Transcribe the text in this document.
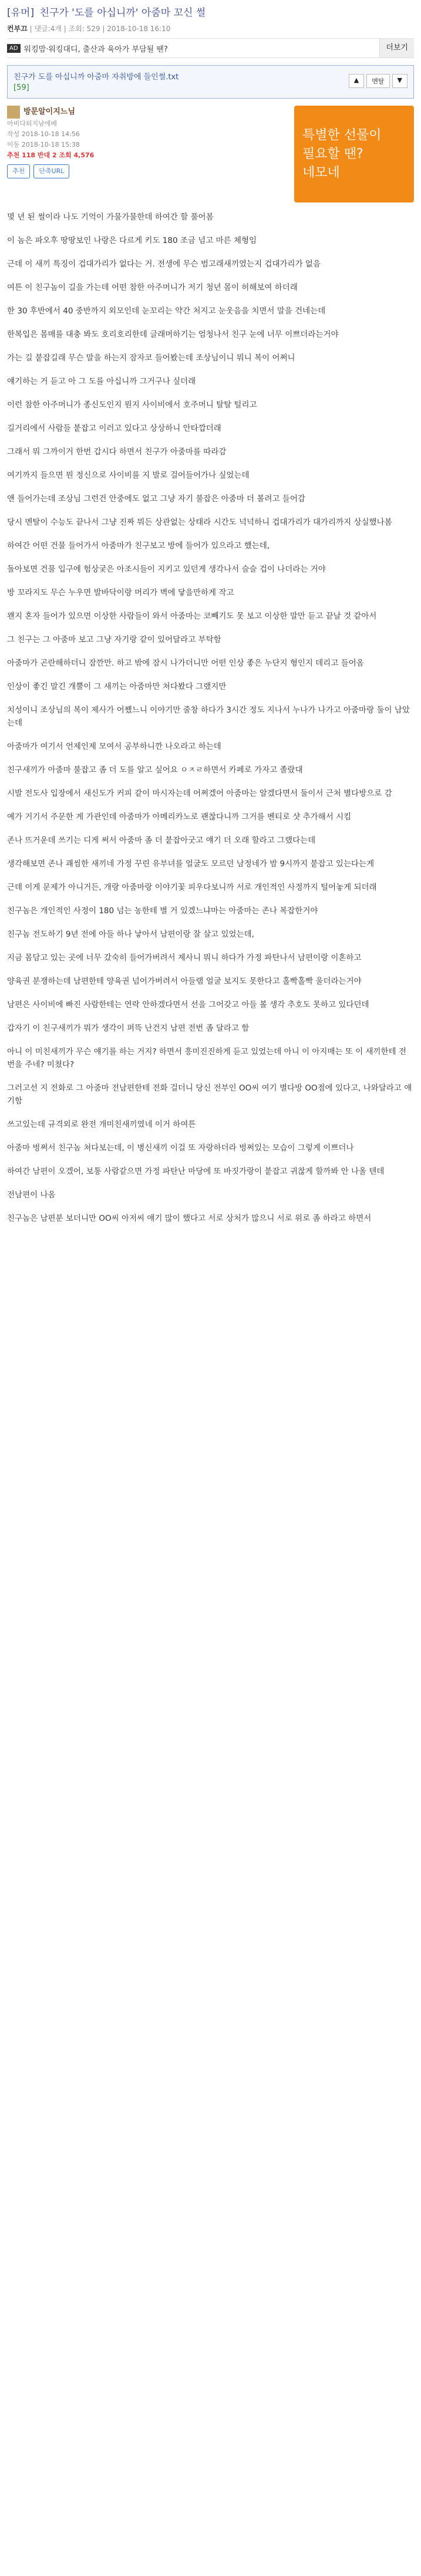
[유머] 친구가 '도를 아십니까' 아줌마 꼬신 썰
컨부끄 | 댓글:4개 | 조회: 529 | 2018-10-18 16:10
AD 워킹맘·워킹대디, 출산과 육아가 부담될 땐?	더보기
친구가 도를 아십니까 아줌마 자취방에 들인썰.txt
[59]
▲	멘탈	▼
방문알이지느님
아비다퇴지남에베
작성 2018-10-18 14:56
이동 2018-10-18 15:38
추천 118 반대 2 조회 4,576
추천	단축URL
특별한 선물이
필요할 땐?
네모네

몇 년 된 썰이라 나도 기억이 가물가물한데 하여간 할 풀어봄

이 놈은 파오후 땅땅보인 나랑은 다르게 키도 180 조금 넘고 마른 체형임

근데 이 새끼 특징이 겁대가리가 없다는 거. 전생에 무슨 범고래새끼였는지 겁대가리가 없음

여튼 이 친구놈이 길을 가는데 어떤 참한 아주머니가 저기 청년 몸이 허해보여 하더래

한 30 후반에서 40 중반까지 외모인데 눈꼬리는 약간 처지고 눈웃음을 치면서 말을 건네는데

한복입은 몸매를 대충 봐도 호리호리한데 글래머하기는 엄청나서 친구 눈에 너무 이쁘더라는거야

가는 길 붙잡길래 무슨 말을 하는지 잠자코 들어봤는데 조상님이니 뭐니 복이 어쩌니

얘기하는 거 듣고 아 그 도를 아십니까 그거구나 싶더래

이런 참한 아주머니가 종신도인지 뭔지 사이비에서 호주머니 탈탈 털리고

길거리에서 사람들 붙잡고 이러고 있다고 상상하니 안타깝더래

그래서 뭐 그까이거 한번 갑시다 하면서 친구가 아줌마를 따라감

여기까지 들으면 뭔 정신으로 사이비를 지 발로 걸어들어가나 싶었는데

앤 들어가는데 조상님 그런건 안중에도 없고 그냥 자기 불잡은 아줌마 더 볼려고 들어감

당시 멘탈이 수능도 끝나서 그냥 진짜 뭐든 상관없는 상태라 시간도 넉넉하니 겁대가리가 대가리까지 상실했나봄

하여간 어떤 건물 들어가서 아줌마가 친구보고 방에 들어가 있으라고 했는데,

돌아보면 건물 입구에 험상궂은 아조시들이 지키고 있던게 생각나서 슬슬 겁이 나더라는 거야

방 꼬라지도 무슨 누우면 발바닥이랑 머리가 벽에 닿을만하게 작고

왠지 혼자 들어가 있으면 이상한 사람들이 와서 아줌마는 코빼기도 못 보고 이상한 말만 듣고 끝날 것 같아서

그 친구는 그 아줌마 보고 그냥 자기랑 같이 있어달라고 부탁함

아줌마가 곤란해하더니 잠깐만. 하고 밖에 잠시 나가더니만 어떤 인상 좋은 누단지 형인지 데리고 들어옴

인상이 좋긴 말긴 개뿔이 그 새끼는 아줌마만 쳐다봤다 그랬지만

치성이니 조상님의 복이 제사가 어쨌느니 이야기만 줄창 하다가 3시간 정도 지나서 누나가 나가고 아줌마랑 둘이 남았는데

아줌마가 여기서 언제인제 모여서 공부하니깐 나오라고 하는데

친구새끼가 아줌마 불잡고 좀 더 도를 알고 싶어요 ㅇㅈㄹ하면서 카페로 가자고 졸랐대

시발 전도사 입장에서 새신도가 커피 같이 마시자는데 어쩌겠어 아줌마는 알겠다면서 둘이서 근처 별다방으로 감

예가 거기서 주문한 게 가관인데 아줌마가 아메리카노로 괜찮다니까 그거를 벤티로 샷 추가해서 시킴

존나 뜨거운데 쓰기는 디게 써서 아줌마 좀 더 붙잡아굿고 얘기 더 오래 할라고 그랬다는데

생각해보면 존나 괘씸한 새끼네 가정 꾸린 유부녀를 얼굴도 모르던 남정네가 밤 9시까지 붙잡고 있는다는게

근데 이게 문제가 아니거든, 개랑 아줌마랑 이야기꽃 피우다보니까 서로 개인적인 사정까지 털어놓게 되더래

친구놈은 개인적인 사정이 180 넘는 농한테 별 거 있겠느냐마는 아줌마는 존나 복잡한거야

친구놈 전도하기 9년 전에 아들 하나 낳아서 남편이랑 잘 살고 있었는데,

지금 몸담고 있는 곳에 너무 갔숙히 들어가버려서 제사니 뭐니 하다가 가정 파탄나서 남편이랑 이혼하고

양육권 분쟁하는데 남편한테 양육권 넘어가버려서 아들램 얼굴 보지도 못한다고 홀빡홀빡 울더라는거야

남편은 사이비에 빠진 사람한테는 연락 안하겠다면서 선을 그어갖고 아들 볼 생각 추호도 못하고 있다던데

갑자기 이 친구새끼가 뭐가 생각이 퍼뜩 난건지 남편 전번 좀 달라고 함

아니 이 미친새끼가 무슨 얘기를 하는 거지? 하면서 흥미진진하게 듣고 있었는데 아니 이 아지매는 또 이 새끼한테 전번을 주네? 미쳤다?

그러고선 지 전화로 그 아줌마 전남편한테 전화 걸더니 당신 전부인 OO씨 여기 별다방 OO점에 있다고, 나와달라고 얘기함

쓰고있는데 규격외로 완전 개미친새끼였네 이거 하여튼

아줌마 벙쩌서 친구놈 쳐다보는데, 이 병신새끼 이걸 또 자랑하더라 벙쩌있는 모습이 그렇게 이쁘더나

하여간 남편이 오겠어, 보통 사람같으면 가정 파탄난 마당에 또 바짓가랑이 붙잡고 귀찮게 할까봐 안 나올 텐데

전남편이 나옴

친구놈은 남편분 보더니만 OO씨 아저씨 얘기 많이 했다고 서로 상처가 많으니 서로 위로 좀 하라고 하면서
